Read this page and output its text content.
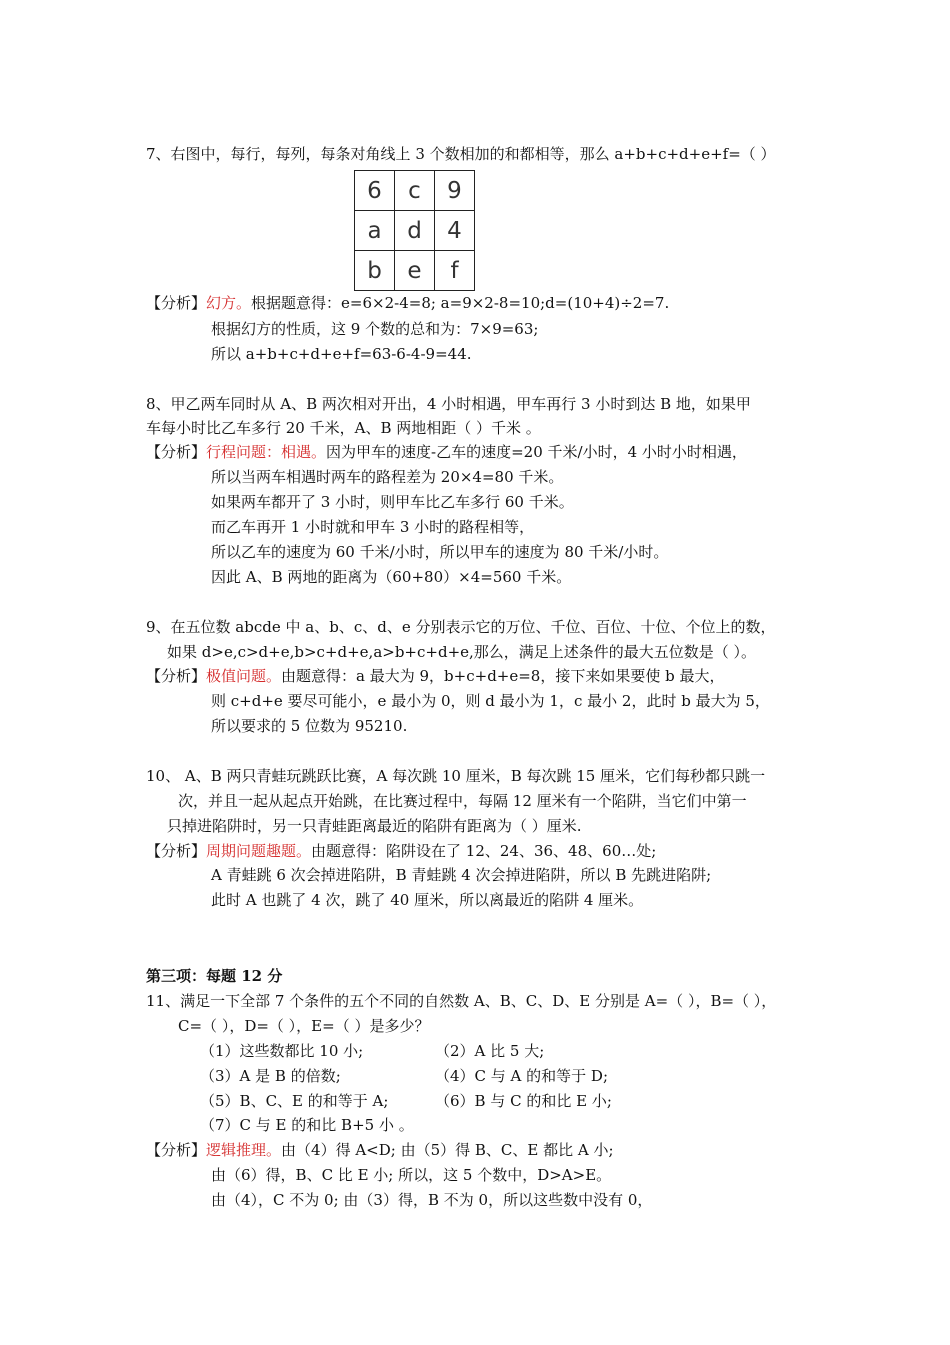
7、右图中，每行，每列，每条对角线上 3 个数相加的和都相等，那么 a+b+c+d+e+f=（ ）
6	c	9
a	d	4
b	e	f
【分析】幻方。根据题意得：e=6×2-4=8; a=9×2-8=10;d=(10+4)÷2=7.
根据幻方的性质，这 9 个数的总和为：7×9=63;
所以 a+b+c+d+e+f=63-6-4-9=44.
8、甲乙两车同时从 A、B 两次相对开出，4 小时相遇，甲车再行 3 小时到达 B 地，如果甲
车每小时比乙车多行 20 千米，A、B 两地相距（ ）千米 。
【分析】行程问题：相遇。因为甲车的速度-乙车的速度=20 千米/小时，4 小时小时相遇，
所以当两车相遇时两车的路程差为 20×4=80 千米。
如果两车都开了 3 小时，则甲车比乙车多行 60 千米。
而乙车再开 1 小时就和甲车 3 小时的路程相等，
所以乙车的速度为 60 千米/小时，所以甲车的速度为 80 千米/小时。
因此 A、B 两地的距离为（60+80）×4=560 千米。
9、在五位数 abcde 中 a、b、c、d、e 分别表示它的万位、千位、百位、十位、个位上的数，
如果 d>e,c>d+e,b>c+d+e,a>b+c+d+e,那么，满足上述条件的最大五位数是（ ）。
【分析】极值问题。由题意得：a 最大为 9，b+c+d+e=8，接下来如果要使 b 最大，
则 c+d+e 要尽可能小，e 最小为 0，则 d 最小为 1，c 最小 2，此时 b 最大为 5，
所以要求的 5 位数为 95210.
10、 A、B 两只青蛙玩跳跃比赛，A 每次跳 10 厘米，B 每次跳 15 厘米，它们每秒都只跳一
次，并且一起从起点开始跳，在比赛过程中，每隔 12 厘米有一个陷阱，当它们中第一
只掉进陷阱时，另一只青蛙距离最近的陷阱有距离为（ ）厘米.
【分析】周期问题趣题。由题意得：陷阱设在了 12、24、36、48、60…处;
A 青蛙跳 6 次会掉进陷阱，B 青蛙跳 4 次会掉进陷阱，所以 B 先跳进陷阱;
此时 A 也跳了 4 次，跳了 40 厘米，所以离最近的陷阱 4 厘米。
第三项：每题 12 分
11、满足一下全部 7 个条件的五个不同的自然数 A、B、C、D、E 分别是 A=（ ），B=（ ），
C=（ ），D=（ ），E=（ ）是多少？
（1）这些数都比 10 小;	（2）A 比 5 大;
（3）A 是 B 的倍数;	（4）C 与 A 的和等于 D;
（5）B、C、E 的和等于 A;	（6）B 与 C 的和比 E 小;
（7）C 与 E 的和比 B+5 小 。
【分析】逻辑推理。由（4）得 A<D; 由（5）得 B、C、E 都比 A 小;
由（6）得，B、C 比 E 小; 所以，这 5 个数中，D>A>E。
由（4），C 不为 0; 由（3）得，B 不为 0，所以这些数中没有 0，
